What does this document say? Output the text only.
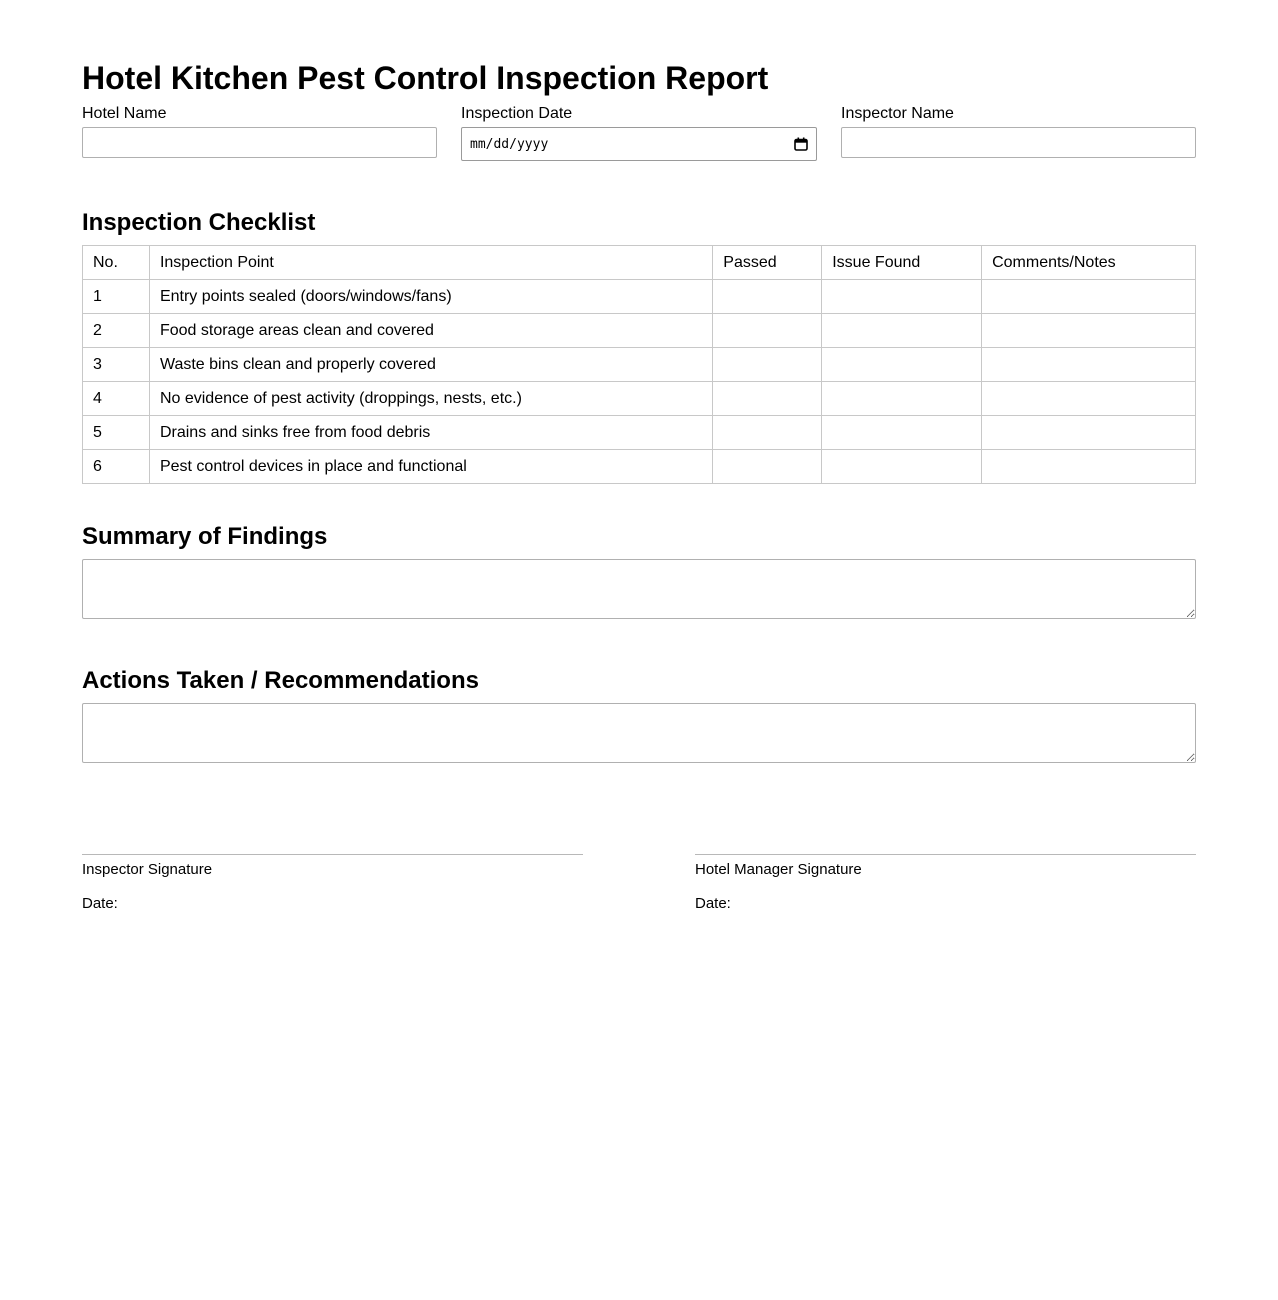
Hotel Kitchen Pest Control Inspection Report
Hotel Name	Inspection Date
mm/dd/yyyy
Inspector Name
Inspection Checklist
No.	Inspection Point	Passed	Issue Found	Comments/Notes
1	Entry points sealed (doors/windows/fans)			
2	Food storage areas clean and covered			
3	Waste bins clean and properly covered			
4	No evidence of pest activity (droppings, nests, etc.)			
5	Drains and sinks free from food debris			
6	Pest control devices in place and functional			
Summary of Findings
Actions Taken / Recommendations
Inspector Signature
Date:
Hotel Manager Signature
Date:
